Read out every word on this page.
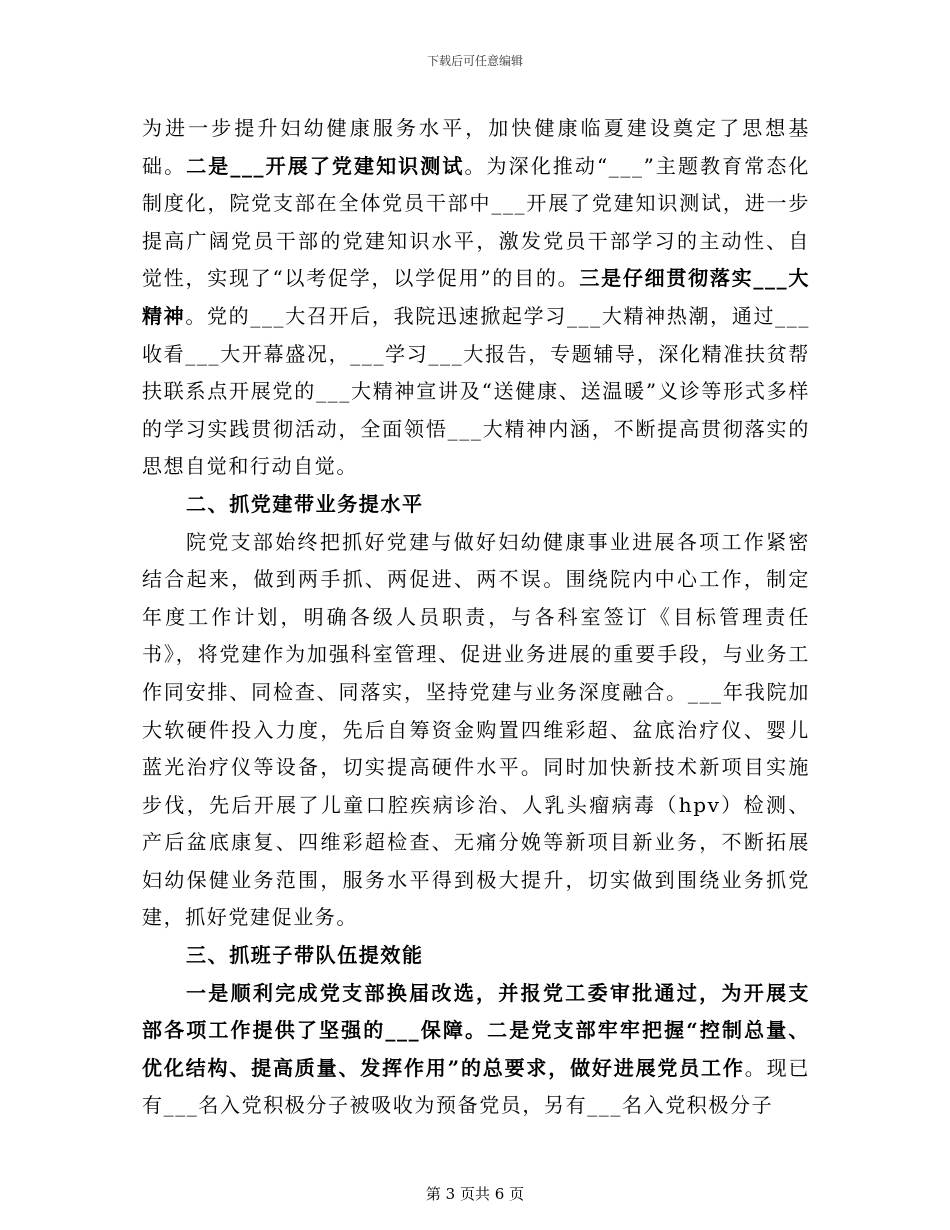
下载后可任意编辑

为进一步提升妇幼健康服务水平，加快健康临夏建设奠定了思想基础。二是___开展了党建知识测试。为深化推动“___”主题教育常态化制度化，院党支部在全体党员干部中___开展了党建知识测试，进一步提高广阔党员干部的党建知识水平，激发党员干部学习的主动性、自觉性，实现了“以考促学，以学促用”的目的。三是仔细贯彻落实___大精神。党的___大召开后，我院迅速掀起学习___大精神热潮，通过___收看___大开幕盛况，___学习___大报告，专题辅导，深化精准扶贫帮扶联系点开展党的___大精神宣讲及“送健康、送温暖”义诊等形式多样的学习实践贯彻活动，全面领悟___大精神内涵，不断提高贯彻落实的思想自觉和行动自觉。

二、抓党建带业务提水平

院党支部始终把抓好党建与做好妇幼健康事业进展各项工作紧密结合起来，做到两手抓、两促进、两不误。围绕院内中心工作，制定年度工作计划，明确各级人员职责，与各科室签订《目标管理责任书》，将党建作为加强科室管理、促进业务进展的重要手段，与业务工作同安排、同检查、同落实，坚持党建与业务深度融合。___年我院加大软硬件投入力度，先后自筹资金购置四维彩超、盆底治疗仪、婴儿蓝光治疗仪等设备，切实提高硬件水平。同时加快新技术新项目实施步伐，先后开展了儿童口腔疾病诊治、人乳头瘤病毒（hpv）检测、产后盆底康复、四维彩超检查、无痛分娩等新项目新业务，不断拓展妇幼保健业务范围，服务水平得到极大提升，切实做到围绕业务抓党建，抓好党建促业务。

三、抓班子带队伍提效能

一是顺利完成党支部换届改选，并报党工委审批通过，为开展支部各项工作提供了坚强的___保障。二是党支部牢牢把握“控制总量、优化结构、提高质量、发挥作用”的总要求，做好进展党员工作。现已有___名入党积极分子被吸收为预备党员，另有___名入党积极分子

第 3 页共 6 页
